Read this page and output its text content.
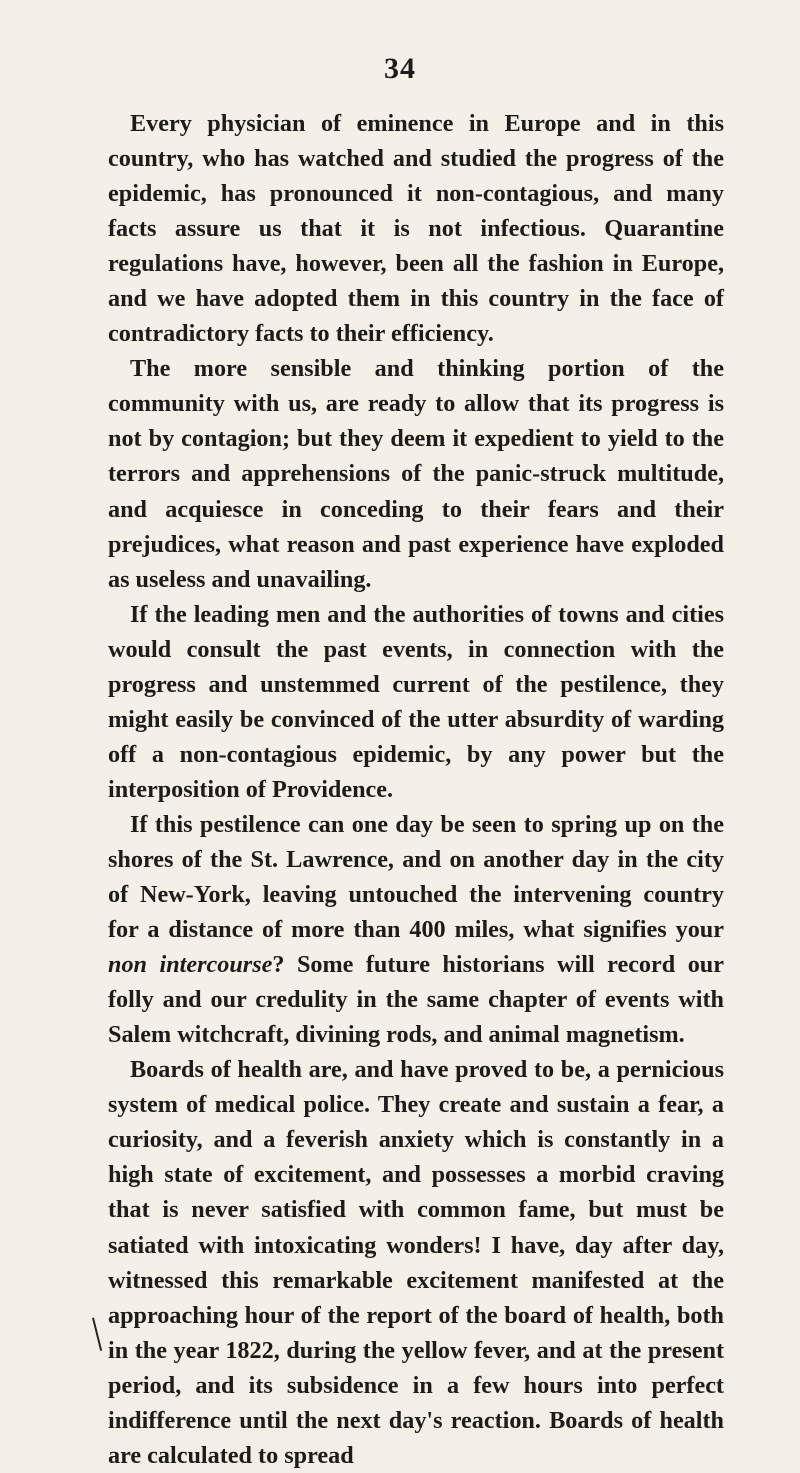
34

Every physician of eminence in Europe and in this country, who has watched and studied the progress of the epidemic, has pronounced it non-contagious, and many facts assure us that it is not infectious. Quarantine regulations have, however, been all the fashion in Europe, and we have adopted them in this country in the face of contradictory facts to their efficiency.

The more sensible and thinking portion of the community with us, are ready to allow that its progress is not by contagion; but they deem it expedient to yield to the terrors and apprehensions of the panic-struck multitude, and acquiesce in conceding to their fears and their prejudices, what reason and past experience have exploded as useless and unavailing.

If the leading men and the authorities of towns and cities would consult the past events, in connection with the progress and unstemmed current of the pestilence, they might easily be convinced of the utter absurdity of warding off a non-contagious epidemic, by any power but the interposition of Providence.

If this pestilence can one day be seen to spring up on the shores of the St. Lawrence, and on another day in the city of New-York, leaving untouched the intervening country for a distance of more than 400 miles, what signifies your non intercourse? Some future historians will record our folly and our credulity in the same chapter of events with Salem witchcraft, divining rods, and animal magnetism.

Boards of health are, and have proved to be, a pernicious system of medical police. They create and sustain a fear, a curiosity, and a feverish anxiety which is constantly in a high state of excitement, and possesses a morbid craving that is never satisfied with common fame, but must be satiated with intoxicating wonders! I have, day after day, witnessed this remarkable excitement manifested at the approaching hour of the report of the board of health, both in the year 1822, during the yellow fever, and at the present period, and its subsidence in a few hours into perfect indifference until the next day's reaction. Boards of health are calculated to spread
